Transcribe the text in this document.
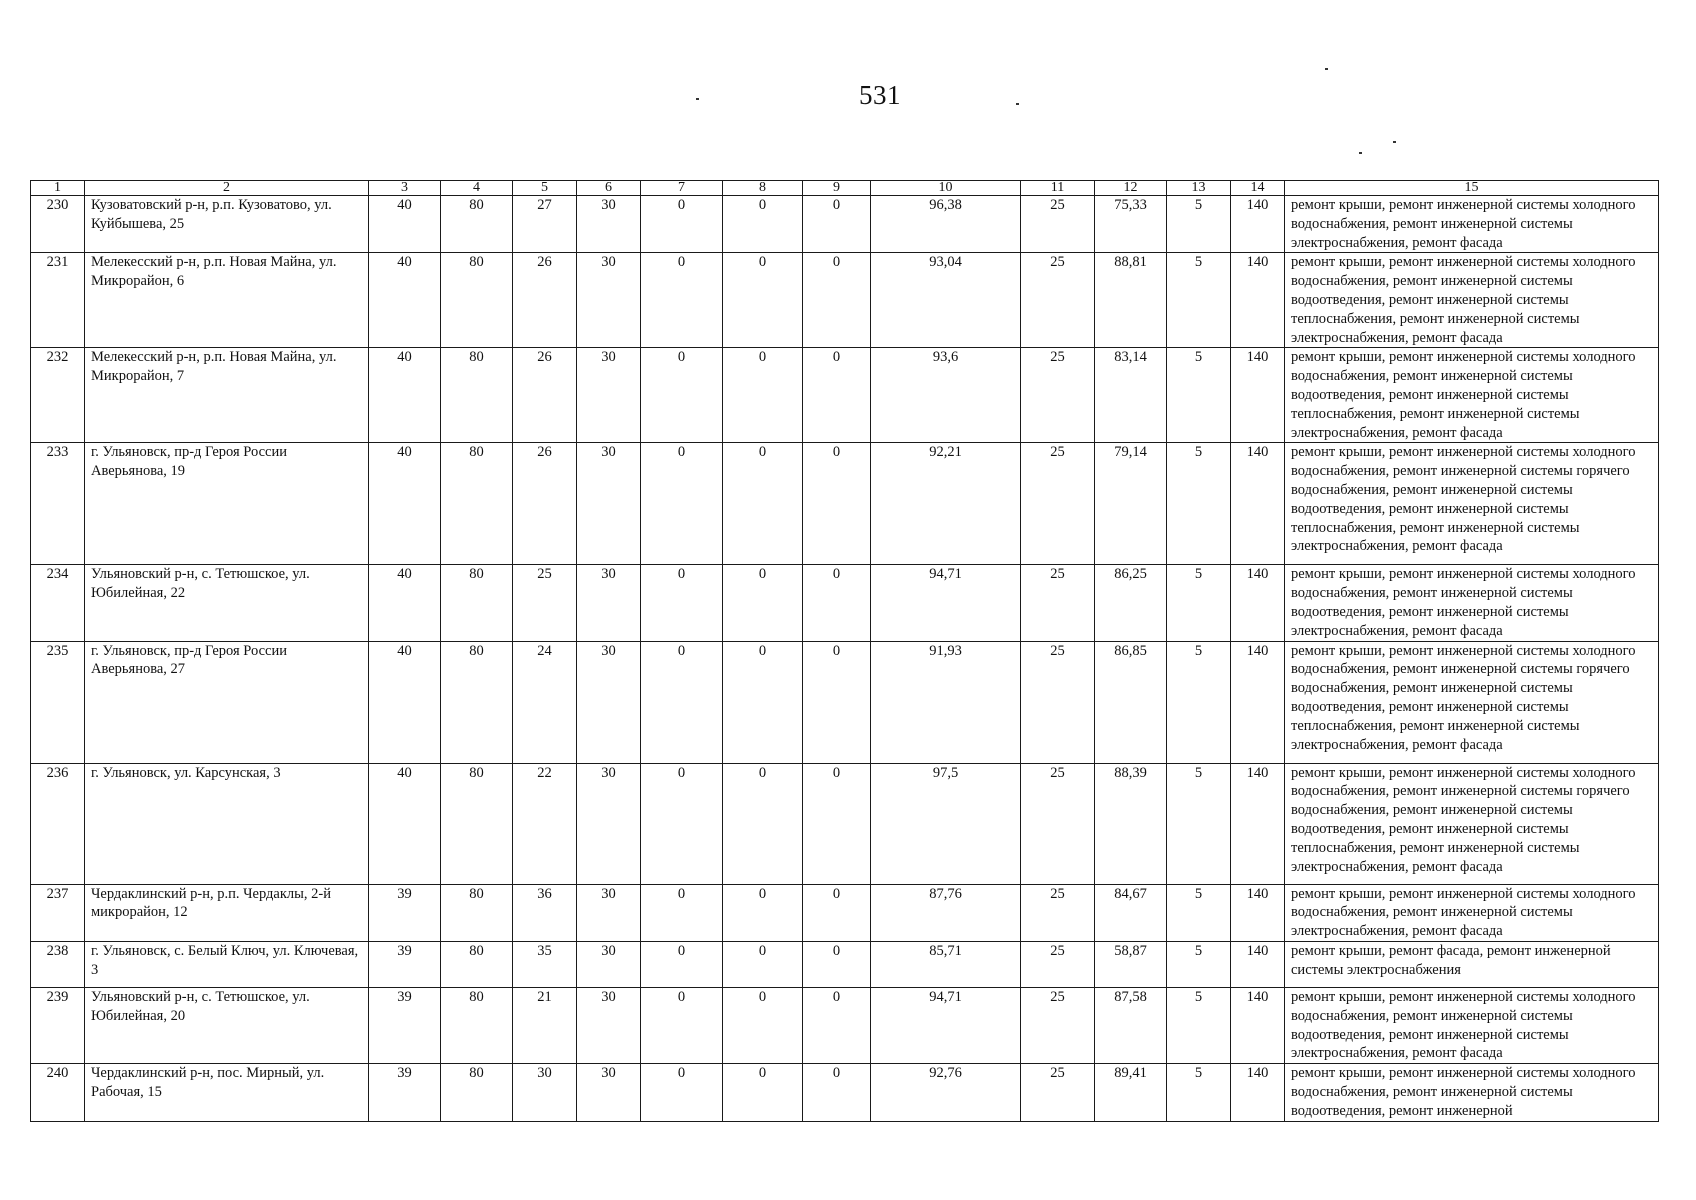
531
1	2	3	4	5	6	7	8	9	10	11	12	13	14	15
230	Кузоватовский р-н, р.п. Кузоватово, ул. Куйбышева, 25	40	80	27	30	0	0	0	96,38	25	75,33	5	140	ремонт крыши, ремонт инженерной системы холодного водоснабжения, ремонт инженерной системы электроснабжения, ремонт фасада
231	Мелекесский р-н, р.п. Новая Майна, ул. Микрорайон, 6	40	80	26	30	0	0	0	93,04	25	88,81	5	140	ремонт крыши, ремонт инженерной системы холодного водоснабжения, ремонт инженерной системы водоотведения, ремонт инженерной системы теплоснабжения, ремонт инженерной системы электроснабжения, ремонт фасада
232	Мелекесский р-н, р.п. Новая Майна, ул. Микрорайон, 7	40	80	26	30	0	0	0	93,6	25	83,14	5	140	ремонт крыши, ремонт инженерной системы холодного водоснабжения, ремонт инженерной системы водоотведения, ремонт инженерной системы теплоснабжения, ремонт инженерной системы электроснабжения, ремонт фасада
233	г. Ульяновск, пр-д Героя России Аверьянова, 19	40	80	26	30	0	0	0	92,21	25	79,14	5	140	ремонт крыши, ремонт инженерной системы холодного водоснабжения, ремонт инженерной системы горячего водоснабжения, ремонт инженерной системы водоотведения, ремонт инженерной системы теплоснабжения, ремонт инженерной системы электроснабжения, ремонт фасада
234	Ульяновский р-н, с. Тетюшское, ул. Юбилейная, 22	40	80	25	30	0	0	0	94,71	25	86,25	5	140	ремонт крыши, ремонт инженерной системы холодного водоснабжения, ремонт инженерной системы водоотведения, ремонт инженерной системы электроснабжения, ремонт фасада
235	г. Ульяновск, пр-д Героя России Аверьянова, 27	40	80	24	30	0	0	0	91,93	25	86,85	5	140	ремонт крыши, ремонт инженерной системы холодного водоснабжения, ремонт инженерной системы горячего водоснабжения, ремонт инженерной системы водоотведения, ремонт инженерной системы теплоснабжения, ремонт инженерной системы электроснабжения, ремонт фасада
236	г. Ульяновск, ул. Карсунская, 3	40	80	22	30	0	0	0	97,5	25	88,39	5	140	ремонт крыши, ремонт инженерной системы холодного водоснабжения, ремонт инженерной системы горячего водоснабжения, ремонт инженерной системы водоотведения, ремонт инженерной системы теплоснабжения, ремонт инженерной системы электроснабжения, ремонт фасада
237	Чердаклинский р-н, р.п. Чердаклы, 2-й микрорайон, 12	39	80	36	30	0	0	0	87,76	25	84,67	5	140	ремонт крыши, ремонт инженерной системы холодного водоснабжения, ремонт инженерной системы электроснабжения, ремонт фасада
238	г. Ульяновск, с. Белый Ключ, ул. Ключевая, 3	39	80	35	30	0	0	0	85,71	25	58,87	5	140	ремонт крыши, ремонт фасада, ремонт инженерной системы электроснабжения
239	Ульяновский р-н, с. Тетюшское, ул. Юбилейная, 20	39	80	21	30	0	0	0	94,71	25	87,58	5	140	ремонт крыши, ремонт инженерной системы холодного водоснабжения, ремонт инженерной системы водоотведения, ремонт инженерной системы электроснабжения, ремонт фасада
240	Чердаклинский р-н, пос. Мирный, ул. Рабочая, 15	39	80	30	30	0	0	0	92,76	25	89,41	5	140	ремонт крыши, ремонт инженерной системы холодного водоснабжения, ремонт инженерной системы водоотведения, ремонт инженерной
